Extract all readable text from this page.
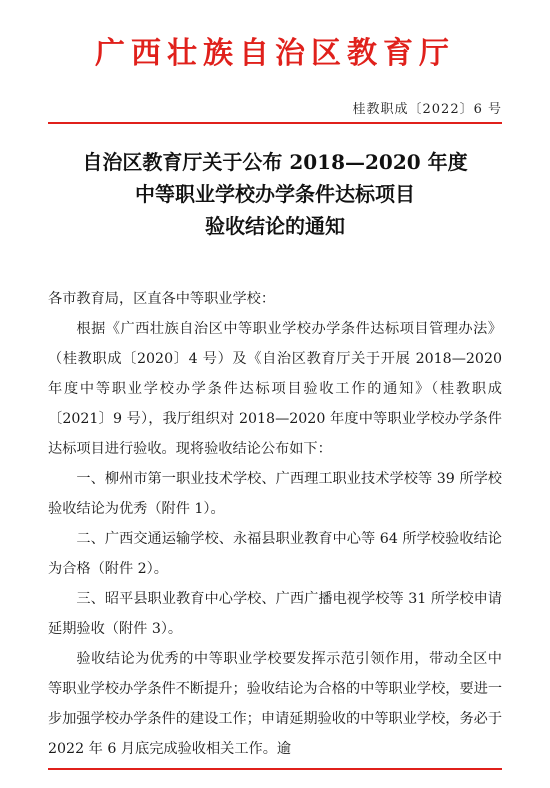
广西壮族自治区教育厅
桂教职成〔2022〕6 号
自治区教育厅关于公布 2018—2020 年度
中等职业学校办学条件达标项目
验收结论的通知

各市教育局，区直各中等职业学校：

根据《广西壮族自治区中等职业学校办学条件达标项目管理办法》（桂教职成〔2020〕4 号）及《自治区教育厅关于开展 2018—2020 年度中等职业学校办学条件达标项目验收工作的通知》（桂教职成〔2021〕9 号），我厅组织对 2018—2020 年度中等职业学校办学条件达标项目进行验收。现将验收结论公布如下：

一、柳州市第一职业技术学校、广西理工职业技术学校等 39 所学校验收结论为优秀（附件 1）。

二、广西交通运输学校、永福县职业教育中心等 64 所学校验收结论为合格（附件 2）。

三、昭平县职业教育中心学校、广西广播电视学校等 31 所学校申请延期验收（附件 3）。

验收结论为优秀的中等职业学校要发挥示范引领作用，带动全区中等职业学校办学条件不断提升；验收结论为合格的中等职业学校，要进一步加强学校办学条件的建设工作；申请延期验收的中等职业学校，务必于 2022 年 6 月底完成验收相关工作。逾
